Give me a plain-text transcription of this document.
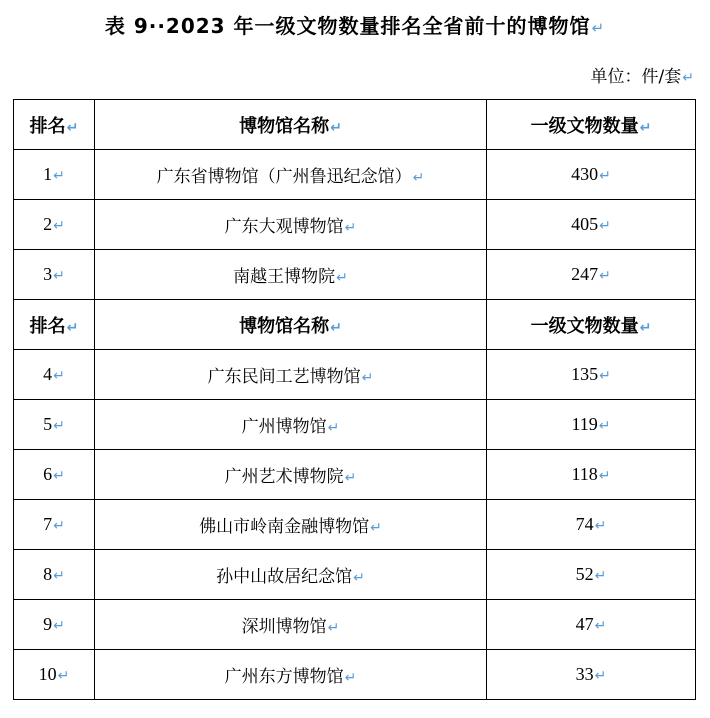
表 9··2023 年一级文物数量排名全省前十的博物馆↵
单位：件/套↵
排名↵	博物馆名称↵	一级文物数量↵
1↵	广东省博物馆（广州鲁迅纪念馆）↵	430↵
2↵	广东大观博物馆↵	405↵
3↵	南越王博物院↵	247↵
排名↵	博物馆名称↵	一级文物数量↵
4↵	广东民间工艺博物馆↵	135↵
5↵	广州博物馆↵	119↵
6↵	广州艺术博物院↵	118↵
7↵	佛山市岭南金融博物馆↵	74↵
8↵	孙中山故居纪念馆↵	52↵
9↵	深圳博物馆↵	47↵
10↵	广州东方博物馆↵	33↵
